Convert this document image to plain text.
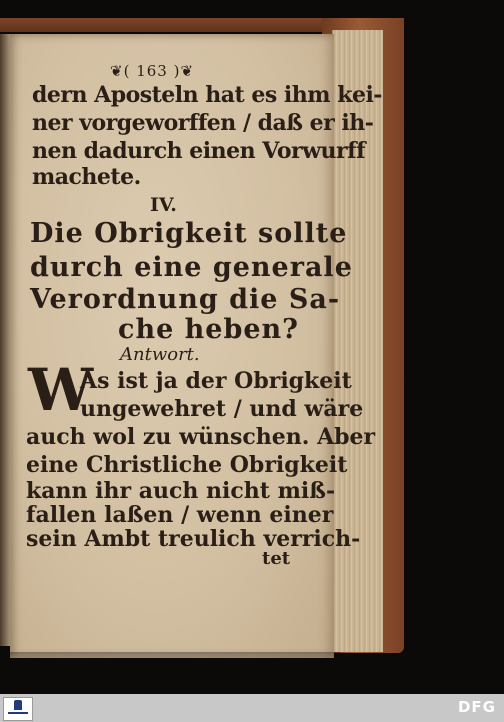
❦( 163 )❦
dern Aposteln hat es ihm kei-
ner vorgeworffen / daß er ih-
nen dadurch einen Vorwurff
machete.
IV.
Die Obrigkeit sollte
durch eine generale
Verordnung die Sa-
che heben?
Antwort.
W
As ist ja der Obrigkeit
ungewehret / und wäre
auch wol zu wünschen. Aber
eine Christliche Obrigkeit
kann ihr auch nicht miß-
fallen laßen / wenn einer
sein Ambt treulich verrich-
tet
DFG
